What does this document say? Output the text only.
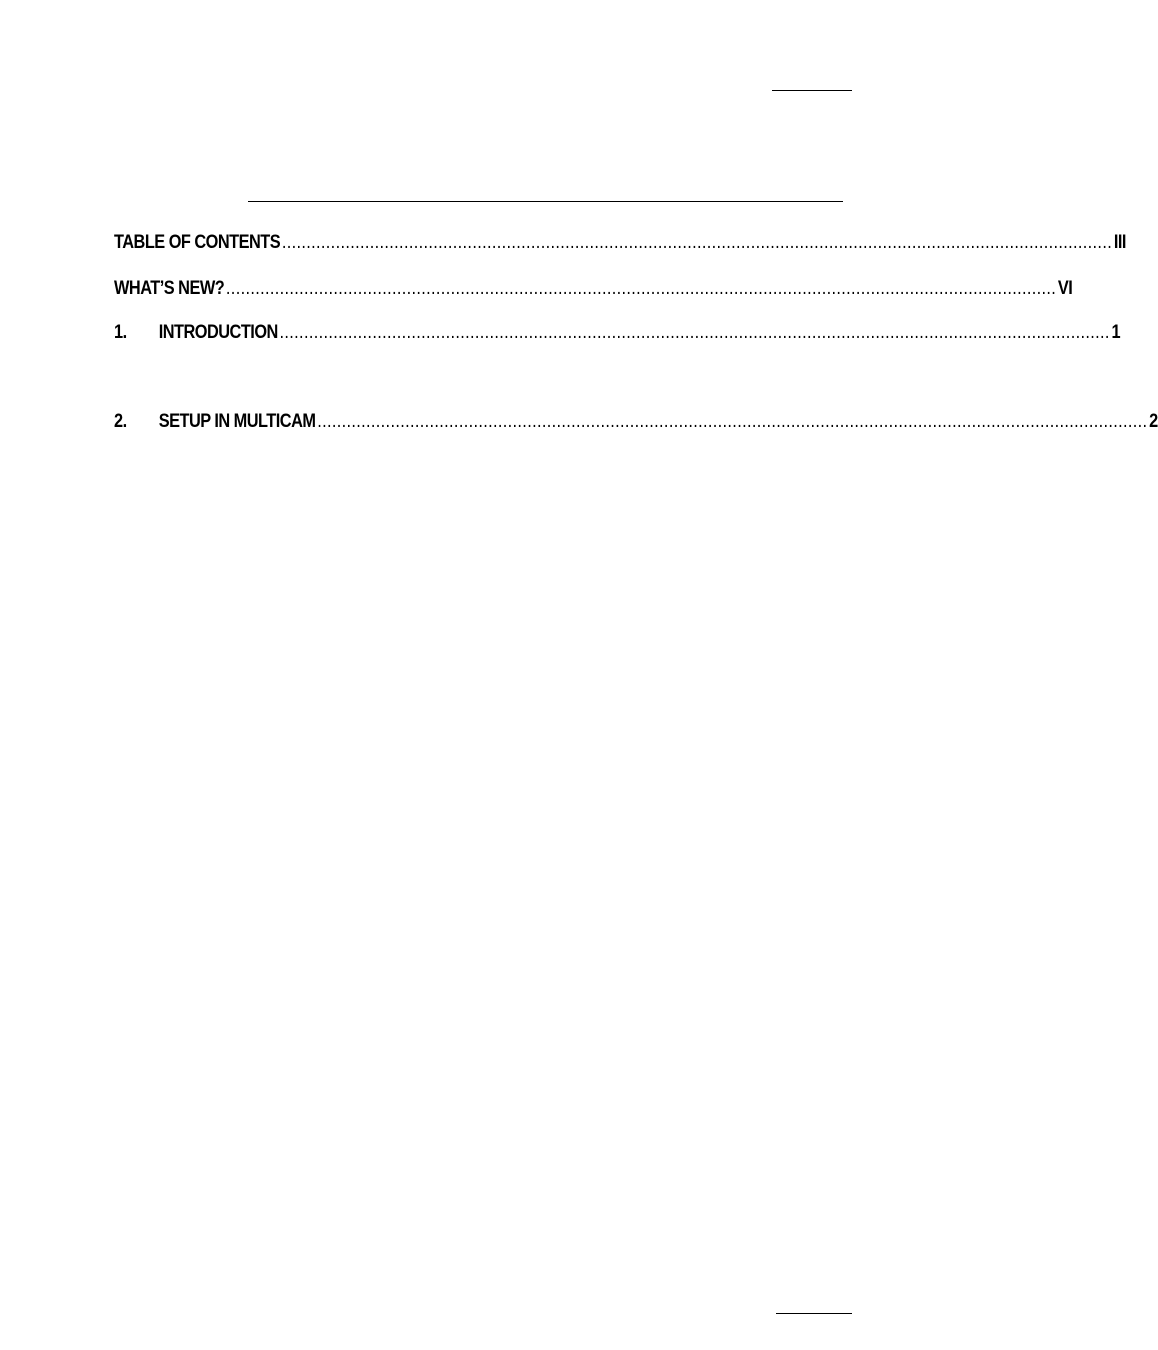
TABLE OF CONTENTS .......................................................................................................................................................................... III
WHAT’S NEW? .......................................................................................................................................................................... VI
1.	INTRODUCTION .......................................................................................................................................................................... 1
2.	SETUP IN MULTICAM .......................................................................................................................................................................... 2
